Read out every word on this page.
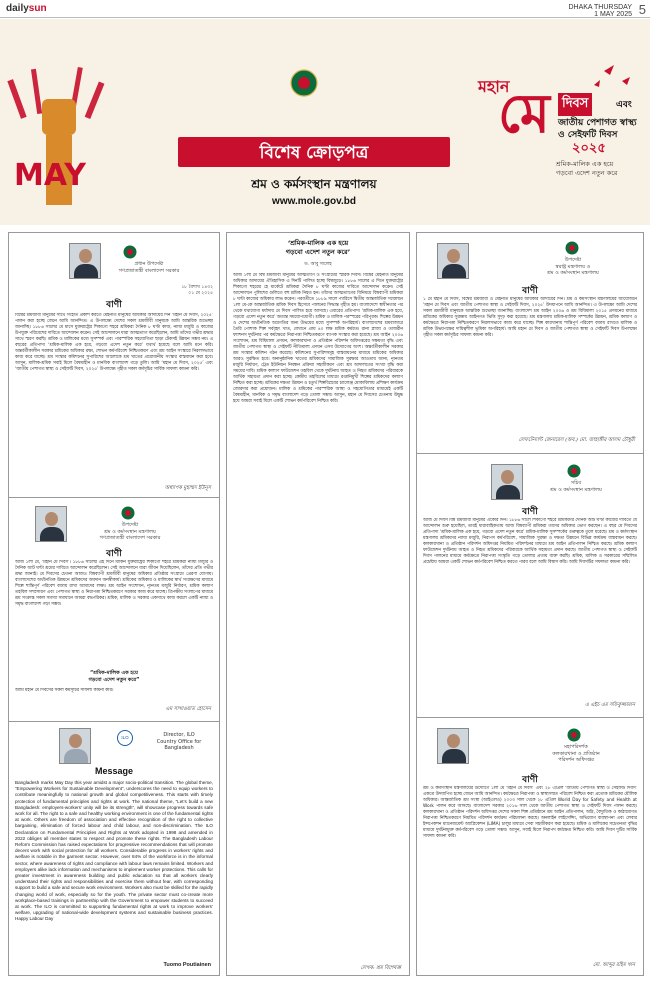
dailysun	DHAKA THURSDAY
1 MAY 2025 5
MAY
বিশেষ ক্রোড়পত্র
শ্রম ও কর্মসংস্থান মন্ত্রণালয়
www.mole.gov.bd
মহান
মে দিবস	এবং
জাতীয় পেশাগত স্বাস্থ্য
ও সেইফটি দিবস
২০২৫
শ্রমিক-মালিক এক হয়ে
গড়বো এদেশ নতুন করে
প্রধান উপদেষ্টা
গণপ্রজাতন্ত্রী বাংলাদেশ সরকার
১৮ বৈশাখ ১৪৩২
০১ মে ২০২৫
বাণী
বিশ্বের শ্রমজীবী মানুষের সাথে সংহতি প্রকাশ করতে মেহনতি মানুষের অধিকার আদায়ের দিন ‘মহান মে দিবস, ২০২৫’ পালন করা হচ্ছে জেনে আমি আনন্দিত। এ উপলক্ষ্যে দেশের সকল শ্রমজীবী মানুষকে আমি আন্তরিক শুভেচ্ছা জানাচ্ছি। ১৮৮৬ সালের মে মাসে যুক্তরাষ্ট্রের শিকাগো শহরে শ্রমিকরা দৈনিক ৮ ঘণ্টা কাজ, ন্যায্য মজুরি ও কাজের উপযুক্ত পরিবেশের দাবিতে আন্দোলন করেন। সেই আন্দোলনে যারা আত্মত্যাগ করেছিলেন, আমি তাঁদের গভীর শ্রদ্ধার সাথে স্মরণ করছি। শ্রমিক ও মালিকের মধ্যে সুসম্পর্ক এবং পারস্পরিক সহযোগিতা ছাড়া টেকসই উন্নয়ন সম্ভব নয়। এ বছরের প্রতিপাদ্য ‘শ্রমিক-মালিক এক হয়ে, গড়বো এদেশ নতুন করে’ যথার্থ হয়েছে বলে আমি মনে করি। অন্তর্বর্তীকালীন সরকার শ্রমিকের অধিকার রক্ষা, শোভন কর্মপরিবেশ নিশ্চিতকরণ এবং শ্রম আইন সংস্কারে নিরলসভাবে কাজ করে যাচ্ছে। শ্রম সংস্কার কমিশনের সুপারিশের আলোকে শ্রম খাতের প্রয়োজনীয় সংস্কার বাস্তবায়ন করা হবে। আসুন, মালিক-শ্রমিক সবাই মিলে বৈষম্যহীন ও মানবিক বাংলাদেশ গড়ে তুলি। আমি ‘মহান মে দিবস, ২০২৫’ এবং ‘জাতীয় পেশাগত স্বাস্থ্য ও সেইফটি দিবস, ২০২৫’ উপলক্ষ্যে গৃহীত সকল কর্মসূচির সার্বিক সাফল্য কামনা করি।
অধ্যাপক মুহাম্মদ ইউনূস
উপদেষ্টা
শ্রম ও কর্মসংস্থান মন্ত্রণালয়
গণপ্রজাতন্ত্রী বাংলাদেশ সরকার
বাণী
আজ ১লা মে, ‘মহান মে দিবস’। ১৮৮৬ সালের এই দিনে মার্কিন যুক্তরাষ্ট্রের শিকাগো শহরে শ্রমিকরা ন্যায্য মজুরি ও দৈনিক আট ঘণ্টা শ্রমের দাবিতে আন্দোলন করেছিলেন। সেই আন্দোলনে যারা জীবন দিয়েছিলেন, তাঁদের প্রতি গভীর শ্রদ্ধা জানাই। মে দিবসের চেতনা আজও বিশ্বব্যাপী শ্রমজীবী মানুষের অধিকার প্রতিষ্ঠার সংগ্রামে প্রেরণা যোগায়। বাংলাদেশের অর্থনৈতিক উন্নয়নে শ্রমিকদের অবদান অনস্বীকার্য। শ্রমিকের অধিকার ও মালিকের স্বার্থ সংরক্ষণের মাধ্যমে শিল্পে শান্তিপূর্ণ পরিবেশ বজায় রাখা আমাদের লক্ষ্য। শ্রম আইন সংশোধন, ন্যূনতম মজুরি নির্ধারণ, শ্রমিক কল্যাণ তহবিল সম্প্রসারণ এবং পেশাগত স্বাস্থ্য ও নিরাপত্তা নিশ্চিতকরণে সরকার কাজ করে যাচ্ছে। ত্রিপক্ষীয় সংলাপের মাধ্যমে শ্রম সংক্রান্ত সকল সমস্যা সমাধানে আমরা বদ্ধপরিকর। শ্রমিক, মালিক ও সরকার একসাথে কাজ করলে একটি ন্যায্য ও সমৃদ্ধ বাংলাদেশ গড়া সম্ভব।
“শ্রমিক-মালিক এক হয়ে
গড়বো এদেশ নতুন করে”
আমি মহান মে দিবসের সকল কর্মসূচির সাফল্য কামনা করি।
এম সাখাওয়াত হোসেন
ILO	Director, ILO
Country Office for Bangladesh
Message
Bangladesh marks May Day this year amidst a major socio-political transition. The global theme, “Empowering Workers for Sustainable Development”, underscores the need to equip workers to contribute meaningfully to national growth and global competitiveness. This starts with timely protection of fundamental principles and rights at work. The national theme, “Let’s build a new Bangladesh: employers-workers’ unity will be its strength”, will showcase progress towards safe work for all. The right to a safe and healthy working environment is one of the fundamental rights at work. Others are freedom of association and effective recognition of the right to collective bargaining, elimination of forced labour and child labour, and non-discrimination. The ILO Declaration on Fundamental Principles and Rights at Work adopted in 1998 and amended in 2022 obliges all member states to respect and promote these rights. The Bangladesh Labour Reform Commission has raised expectations for progressive recommendations that will promote decent work with social protection for all workers. Considerable progress in workers’ rights and welfare is notable in the garment sector. However, over 84% of the workforce is in the informal sector, where awareness of rights and compliance with labour laws remains limited. Workers and employers alike lack information and mechanisms to implement worker protections. This calls for greater investment in awareness building and public education so that all workers clearly understand their rights and responsibilities and exercise them without fear, with corresponding support to build a safe and secure work environment. Workers also must be skilled for the rapidly changing world of work, especially so for the youth. The private sector must co-create more workplace-based trainings in partnership with the Government to empower students to succeed at work. The ILO is committed to supporting fundamental rights at work to improve workers’ welfare, upgrading of national-wide development systems and sustainable business practices. Happy Labour Day
Tuomo Poutiainen
‘শ্রমিক-মালিক এক হয়ে
গড়বো এদেশ নতুন করে’
ড. আবু সালেহ
আজ ১লা মে বিশ্ব শ্রমজীবী মানুষের আত্মত্যাগ ও সংগ্রামের স্মারক দিবস। বিশ্বের মেহনতি মানুষের অধিকার আদায়ের ঐতিহাসিক এ দিনটি পালিত হচ্ছে বিশ্বজুড়ে। ১৮৮৬ সালের এ দিনে যুক্তরাষ্ট্রের শিকাগো শহরের হে মার্কেটে শ্রমিকরা দৈনিক ৮ ঘণ্টা কাজের দাবিতে আন্দোলন করেন। সেই আন্দোলনে পুলিশের গুলিতে বহু শ্রমিক নিহত হন। তাঁদের আত্মত্যাগের বিনিময়ে বিশ্বব্যাপী শ্রমিকরা ৮ ঘণ্টা কাজের অধিকার লাভ করেন। পরবর্তীতে ১৮৮৯ সালে প্যারিসে দ্বিতীয় আন্তর্জাতিক সম্মেলনে ১লা মে-কে আন্তর্জাতিক শ্রমিক দিবস হিসেবে পালনের সিদ্ধান্ত গৃহীত হয়। বাংলাদেশে স্বাধীনতার পর থেকে যথাযোগ্য মর্যাদায় মে দিবস পালিত হয়ে আসছে। এবারের প্রতিপাদ্য ‘শ্রমিক-মালিক এক হয়ে, গড়বো এদেশ নতুন করে’ অত্যন্ত সময়োপযোগী। শ্রমিক ও মালিক পরস্পরের পরিপূরক। শিল্পের উন্নয়ন ও দেশের অর্থনৈতিক অগ্রগতির জন্য উভয়ের মধ্যে সুসম্পর্ক অপরিহার্য। বাংলাদেশের শ্রমবাজারে তৈরি পোশাক শিল্প সর্ববৃহৎ খাত, যেখানে প্রায় ৪০ লক্ষ শ্রমিক কর্মরত। রানা প্লাজা ও তাজরীন ফ্যাশনস দুর্ঘটনার পর কর্মক্ষেত্রে নিরাপত্তা নিশ্চিতকরণে ব্যাপক সংস্কার করা হয়েছে। শ্রম আইন ২০০৬ সংশোধন, শ্রম বিধিমালা প্রণয়ন, কলকারখানা ও প্রতিষ্ঠান পরিদর্শন অধিদপ্তরের সক্ষমতা বৃদ্ধি এবং জাতীয় পেশাগত স্বাস্থ্য ও সেইফটি নীতিমালা প্রণয়ন এসব উদ্যোগের অংশ। অন্তর্বর্তীকালীন সরকার শ্রম সংস্কার কমিশন গঠন করেছে। কমিশনের সুপারিশসমূহ বাস্তবায়নের মাধ্যমে শ্রমিকের অধিকার আরও সুরক্ষিত হবে। অনানুষ্ঠানিক খাতের শ্রমিকদের সামাজিক সুরক্ষার আওতায় আনা, ন্যূনতম মজুরি নির্ধারণ, ট্রেড ইউনিয়ন নিবন্ধন প্রক্রিয়া সহজীকরণ এবং শ্রম আদালতের সংখ্যা বৃদ্ধি করা সময়ের দাবি। শ্রমিক কল্যাণ ফাউন্ডেশন তহবিল থেকে দুর্ঘটনায় আহত ও নিহত শ্রমিকদের পরিবারকে আর্থিক সহায়তা প্রদান করা হচ্ছে। কেন্দ্রীয় তহবিলের মাধ্যমে রপ্তানিমুখী শিল্পের শ্রমিকদের কল্যাণ নিশ্চিত করা হচ্ছে। শ্রমিকের দক্ষতা উন্নয়ন ও চতুর্থ শিল্পবিপ্লবের চ্যালেঞ্জ মোকাবিলায় প্রশিক্ষণ কার্যক্রম জোরদার করা প্রয়োজন। মালিক ও শ্রমিকের পারস্পরিক আস্থা ও সহযোগিতার মাধ্যমেই একটি বৈষম্যহীন, মানবিক ও সমৃদ্ধ বাংলাদেশ গড়ে তোলা সম্ভব। আসুন, মহান মে দিবসের চেতনায় উদ্বুদ্ধ হয়ে আমরা সবাই মিলে একটি শোভন কর্মপরিবেশ নিশ্চিত করি।
লেখক: শ্রম বিশেষজ্ঞ
উপদেষ্টা
স্বরাষ্ট্র মন্ত্রণালয় ও
শ্রম ও কর্মসংস্থান মন্ত্রণালয়
বাণী
১ মে মহান মে দিবস, বিশ্বের শ্রমজীবী ও মেহনতি মানুষের অধিকার আদায়ের দিন। শ্রম ও কর্মসংস্থান মন্ত্রণালয়ের আয়োজনে ‘মহান মে দিবস এবং জাতীয় পেশাগত স্বাস্থ্য ও সেইফটি দিবস, ২০২৫’ উদযাপনে আমি আনন্দিত। এ উপলক্ষ্যে আমি দেশের সকল শ্রমজীবী মানুষকে আন্তরিক শুভেচ্ছা জানাচ্ছি। বাংলাদেশ শ্রম আইন ২০০৬ ও শ্রম বিধিমালা ২০১৫ প্রণয়নের মাধ্যমে শ্রমিকের অধিকার সুরক্ষায় আইনগত ভিত্তি সুদৃঢ় করা হয়েছে। শ্রম মন্ত্রণালয় শ্রমিক-মালিক সম্পর্কের উন্নয়ন, শ্রমিক কল্যাণ ও কর্মক্ষেত্রে নিরাপত্তা নিশ্চিতকরণে নিরলসভাবে কাজ করে যাচ্ছে। শিল্প কারখানায় শান্তিপূর্ণ পরিবেশ বজায় রাখতে মালিক ও শ্রমিক উভয়পক্ষের দায়িত্বশীল ভূমিকা অপরিহার্য। আমি মহান মে দিবস ও জাতীয় পেশাগত স্বাস্থ্য ও সেইফটি দিবস উপলক্ষ্যে গৃহীত সকল কর্মসূচির সাফল্য কামনা করি।
লেফটেন্যান্ট জেনারেল (অব.) মো. জাহাঙ্গীর আলম চৌধুরী
সচিব
শ্রম ও কর্মসংস্থান মন্ত্রণালয়
বাণী
আজ মে দিবস বিশ্ব শ্রমজীবী মানুষের ঐক্যের দিন। ১৮৮৬ সালে শিকাগো শহরে শ্রমিকদের দৈনিক আট ঘণ্টা কাজের দাবিতে যে আন্দোলন শুরু হয়েছিল, তারই ধারাবাহিকতায় আজ বিশ্বব্যাপী শ্রমিকরা তাদের অধিকার ভোগ করছেন। এ বছর মে দিবসের প্রতিপাদ্য ‘শ্রমিক-মালিক এক হয়ে, গড়বো এদেশ নতুন করে’ শ্রমিক-মালিক সুসম্পর্কের গুরুত্বকে তুলে ধরেছে। শ্রম ও কর্মসংস্থান মন্ত্রণালয় শ্রমিকদের ন্যায্য মজুরি, নিরাপদ কর্মপরিবেশ, সামাজিক সুরক্ষা ও দক্ষতা উন্নয়নে বিভিন্ন কার্যক্রম বাস্তবায়ন করছে। কলকারখানা ও প্রতিষ্ঠান পরিদর্শন অধিদপ্তর নিয়মিত পরিদর্শনের মাধ্যমে শ্রম আইন প্রতিপালন নিশ্চিত করছে। শ্রমিক কল্যাণ ফাউন্ডেশন দুর্ঘটনায় আহত ও নিহত শ্রমিকদের পরিবারকে আর্থিক সহায়তা প্রদান করছে। জাতীয় পেশাগত স্বাস্থ্য ও সেইফটি দিবস পালনের মাধ্যমে কর্মক্ষেত্রে নিরাপত্তা সংস্কৃতি গড়ে তোলার প্রত্যয় ব্যক্ত করছি। শ্রমিক, মালিক ও সরকারের সম্মিলিত প্রচেষ্টায় আমরা একটি শোভন কর্মপরিবেশ নিশ্চিত করতে পারব বলে আমি বিশ্বাস করি। আমি দিবসটির সফলতা কামনা করি।
এ এইচ এম সফিকুজ্জামান
মহাপরিদর্শক
কলকারখানা ও প্রতিষ্ঠান
পরিদর্শন অধিদপ্তর
বাণী
শ্রম ও কর্মসংস্থান মন্ত্রণালয়ের উদ্যোগে ১লা মে ‘মহান মে দিবস’ এবং ২৮ এপ্রিল ‘জাতীয় পেশাগত স্বাস্থ্য ও সেইফটি দিবস’ একত্রে উদযাপিত হচ্ছে জেনে আমি আনন্দিত। কর্মক্ষেত্রে নিরাপত্তা ও স্বাস্থ্যসম্মত পরিবেশ নিশ্চিত করা প্রত্যেক শ্রমিকের মৌলিক অধিকার। আন্তর্জাতিক শ্রম সংস্থা (আইএলও) ২০০৩ সাল থেকে ২৮ এপ্রিল World Day for Safety and Health at Work পালন করে আসছে। বাংলাদেশ সরকার ২০১৬ সাল থেকে জাতীয় পেশাগত স্বাস্থ্য ও সেইফটি দিবস পালন করছে। কলকারখানা ও প্রতিষ্ঠান পরিদর্শন অধিদপ্তর দেশের সকল শিল্প প্রতিষ্ঠানে শ্রম আইন প্রতিপালন, অগ্নি, বৈদ্যুতিক ও কাঠামোগত নিরাপত্তা নিশ্চিতকরণে নিয়মিত পরিদর্শন কার্যক্রম পরিচালনা করছে। অনলাইন লাইসেন্সিং, অভিযোগ ব্যবস্থাপনা এবং লেবার ইন্সপেকশন ম্যানেজমেন্ট অ্যাপ্লিকেশন (LIMA) চালুর মাধ্যমে সেবা সহজীকরণ করা হয়েছে। শ্রমিক ও মালিকের সচেতনতা বৃদ্ধির মাধ্যমে দুর্ঘটনামুক্ত কর্মপরিবেশ গড়ে তোলা সম্ভব। আসুন, সবাই মিলে নিরাপদ কর্মক্ষেত্র নিশ্চিত করি। আমি দিবস দুটির সার্বিক সাফল্য কামনা করি।
মো. আব্দুর রহিম খান
